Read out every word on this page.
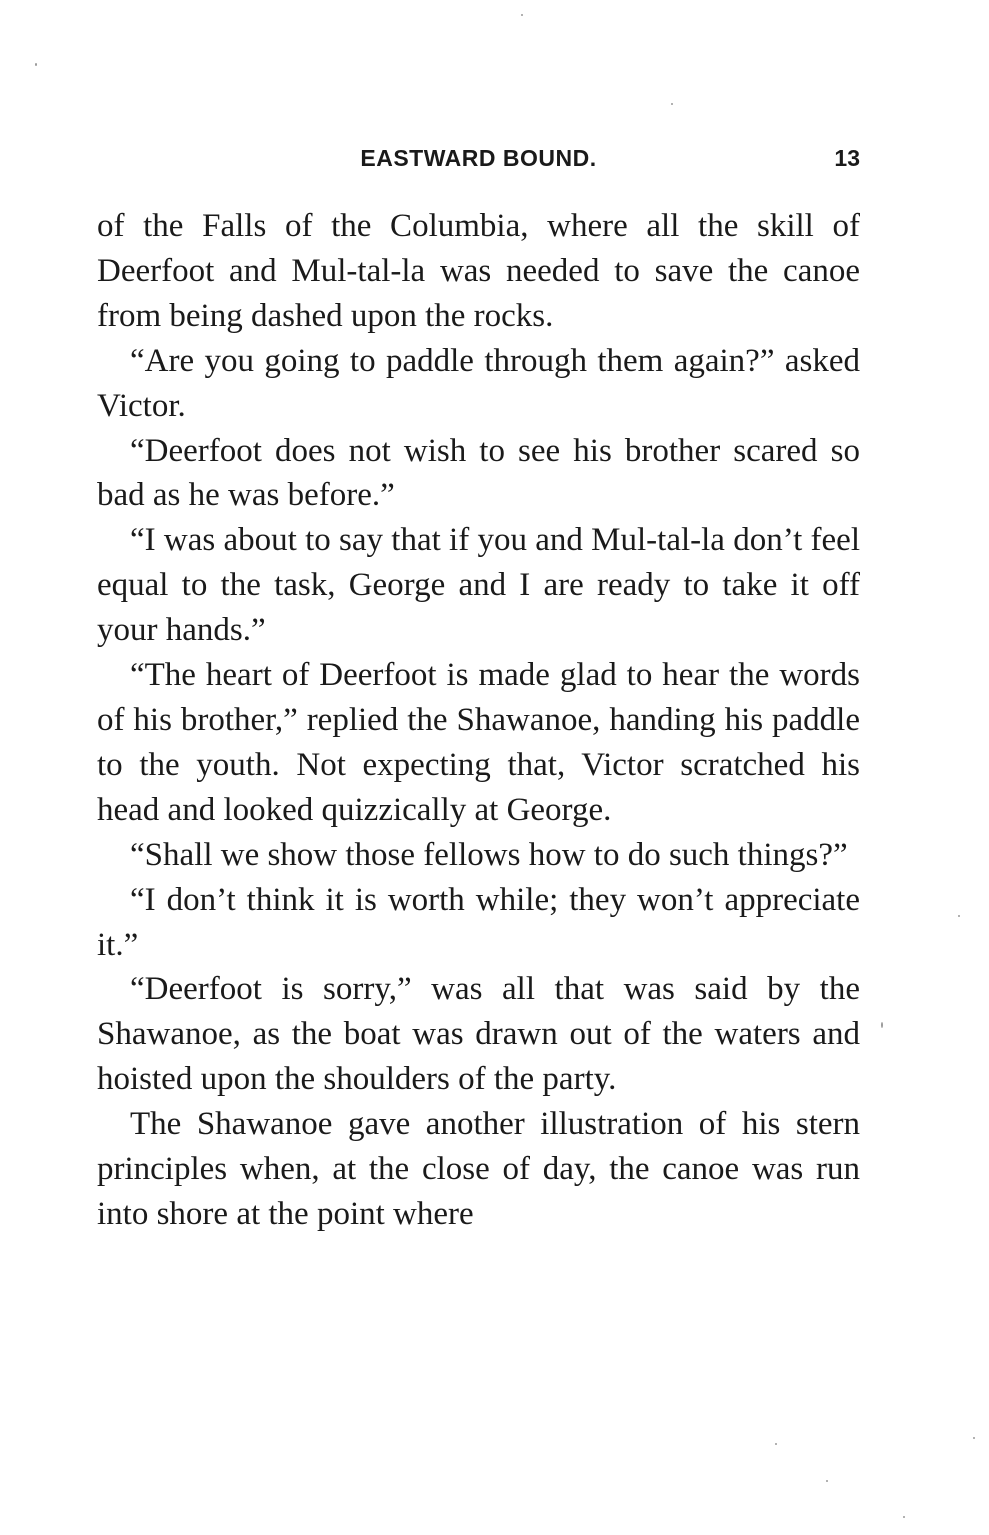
EASTWARD BOUND.	13

of the Falls of the Columbia, where all the skill of Deerfoot and Mul-tal-la was needed to save the canoe from being dashed upon the rocks.

“Are you going to paddle through them again?” asked Victor.

“Deerfoot does not wish to see his brother scared so bad as he was before.”

“I was about to say that if you and Mul-tal-la don’t feel equal to the task, George and I are ready to take it off your hands.”

“The heart of Deerfoot is made glad to hear the words of his brother,” replied the Shawanoe, handing his paddle to the youth. Not expecting that, Victor scratched his head and looked quizzically at George.

“Shall we show those fellows how to do such things?”

“I don’t think it is worth while; they won’t appreciate it.”

“Deerfoot is sorry,” was all that was said by the Shawanoe, as the boat was drawn out of the waters and hoisted upon the shoulders of the party.

The Shawanoe gave another illustration of his stern principles when, at the close of day, the canoe was run into shore at the point where
